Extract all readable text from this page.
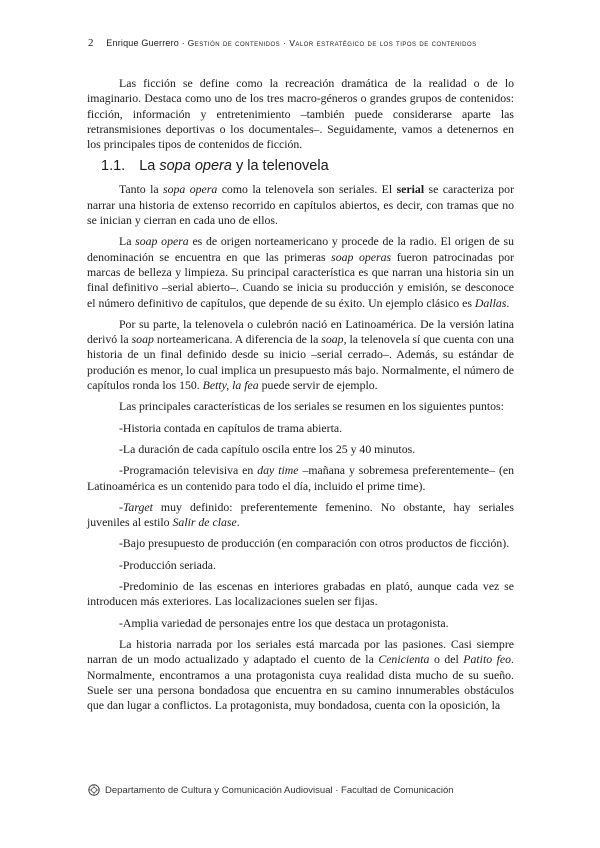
2 Enrique Guerrero · Gestión de contenidos · Valor estratégico de los tipos de contenidos

Las ficción se define como la recreación dramática de la realidad o de lo imaginario. Destaca como uno de los tres macro-géneros o grandes grupos de contenidos: ficción, información y entretenimiento –también puede considerarse aparte las retransmisiones deportivas o los documentales–. Seguidamente, vamos a detenernos en los principales tipos de contenidos de ficción.

1.1. La sopa opera y la telenovela

Tanto la sopa opera como la telenovela son seriales. El serial se caracteriza por narrar una historia de extenso recorrido en capítulos abiertos, es decir, con tramas que no se inician y cierran en cada uno de ellos.

La soap opera es de origen norteamericano y procede de la radio. El origen de su denominación se encuentra en que las primeras soap operas fueron patrocinadas por marcas de belleza y limpieza. Su principal característica es que narran una historia sin un final definitivo –serial abierto–. Cuando se inicia su producción y emisión, se desconoce el número definitivo de capítulos, que depende de su éxito. Un ejemplo clásico es Dallas.

Por su parte, la telenovela o culebrón nació en Latinoamérica. De la versión latina derivó la soap norteamericana. A diferencia de la soap, la telenovela sí que cuenta con una historia de un final definido desde su inicio –serial cerrado–. Además, su estándar de produción es menor, lo cual implica un presupuesto más bajo. Normalmente, el número de capítulos ronda los 150. Betty, la fea puede servir de ejemplo.

Las principales características de los seriales se resumen en los siguientes puntos:

-Historia contada en capítulos de trama abierta.

-La duración de cada capítulo oscila entre los 25 y 40 minutos.

-Programación televisiva en day time –mañana y sobremesa preferentemente– (en Latinoamérica es un contenido para todo el día, incluido el prime time).

-Target muy definido: preferentemente femenino. No obstante, hay seriales juveniles al estilo Salir de clase.

-Bajo presupuesto de producción (en comparación con otros productos de ficción).

-Producción seriada.

-Predominio de las escenas en interiores grabadas en plató, aunque cada vez se introducen más exteriores. Las localizaciones suelen ser fijas.

-Amplia variedad de personajes entre los que destaca un protagonista.

La historia narrada por los seriales está marcada por las pasiones. Casi siempre narran de un modo actualizado y adaptado el cuento de la Cenicienta o del Patito feo. Normalmente, encontramos a una protagonista cuya realidad dista mucho de su sueño. Suele ser una persona bondadosa que encuentra en su camino innumerables obstáculos que dan lugar a conflictos. La protagonista, muy bondadosa, cuenta con la oposición, la

Departamento de Cultura y Comunicación Audiovisual · Facultad de Comunicación
